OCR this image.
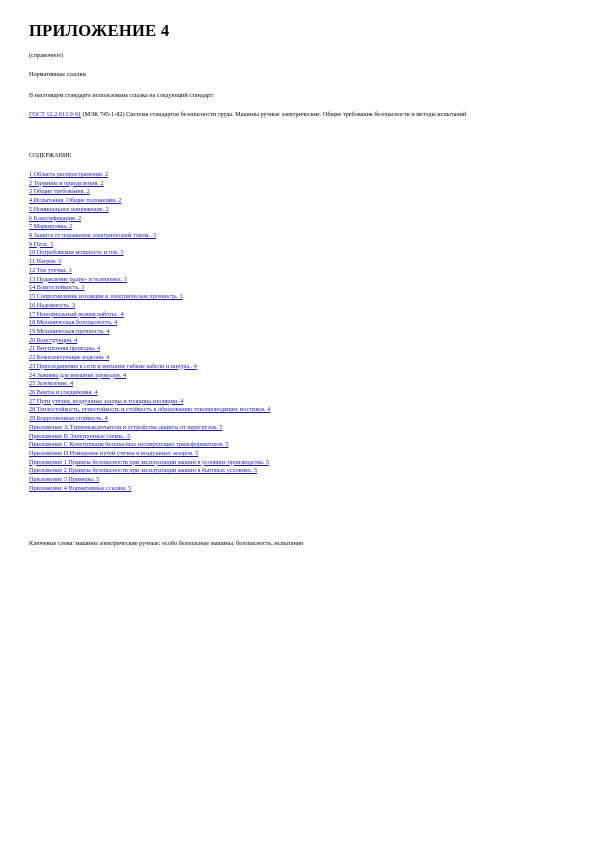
ПРИЛОЖЕНИЕ 4
(справочное)
Нормативные ссылки
В настоящем стандарте использована ссылка на следующий стандарт:
ГОСТ 12.2.013.0-91 (МЭК 745-1-82) Система стандартов безопасности труда. Машины ручные электрические. Общие требования безопасности и методы испытаний
СОДЕРЖАНИЕ
1 Область распространения. 2
2 Термины и определения. 2
3 Общие требования. 2
4 Испытания. Общие положения. 2
5 Номинальное напряжение. 2
6 Классификация. 2
7 Маркировка. 2
8 Защита от поражения электрическим током.. 3
9 Пуск. 3
10 Потребляемая мощность и ток. 3
11 Нагрев. 3
12 Ток утечки. 3
13 Подавление радио- и телепомех. 3
14 Влагостойкость. 3
15 Сопротивление изоляции и электрическая прочность. 3
16 Надежность. 3
17 Ненормальный режим работы.. 4
18 Механическая безопасность. 4
19 Механическая прочность. 4
20 Конструкция. 4
21 Внутренняя проводка. 4
22 Комплектующие изделия. 4
23 Присоединение к сети и внешние гибкие кабели и шнуры.. 4
24 Зажимы для внешних проводов. 4
25 Заземление. 4
26 Винты и соединения. 4
27 Пути утечки, воздушные зазоры и толщина изоляции. 4
28 Теплостойкость, огнестойкость и стойкость к образованию токопроводящих мостиков. 4
29 Коррозионная стойкость. 4
Приложение А Термовыключатели и устройства защиты от перегрузок. 5
Приложение В Электронные схемы.. 5
Приложение С Конструкция безопасных изолирующих трансформаторов. 5
Приложение D Измерение путей утечки и воздушных зазоров. 5
Приложение 1 Правила безопасности при эксплуатации машин в условиях производства. 5
Приложение 2 Правила безопасности при эксплуатации машин в бытовых условиях. 5
Приложение 3 Примеры. 5
Приложение 4 Нормативные ссылки. 5
Ключевые слова: машины электрические ручные; особо безопасные машины; безопасность; испытания
